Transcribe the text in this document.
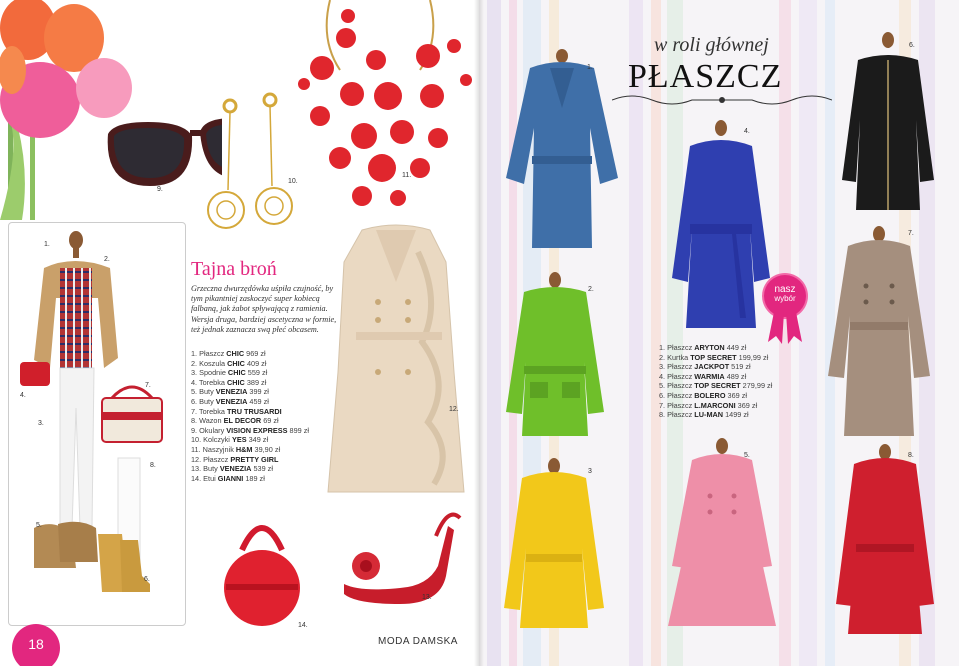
9.
10.
11.
1.
2.
4.
3.
7.
8.
5.
6.
Tajna broń
Grzeczna dwurzędówka uśpiła czujność, by tym pikantniej zaskoczyć super kobiecą falbaną, jak żabot spływającą z ramienia. Wersja druga, bardziej ascetyczna w formie, też jednak zaznacza swą płeć obcasem.
1. Płaszcz CHIC 969 zł
2. Koszula CHIC 409 zł
3. Spodnie CHIC 559 zł
4. Torebka CHIC 389 zł
5. Buty VENEZIA 399 zł
6. Buty VENEZIA 459 zł
7. Torebka TRU TRUSARDI
8. Wazon EL DECOR 69 zł
9. Okulary VISION EXPRESS 899 zł
10. Kolczyki YES 349 zł
11. Naszyjnik H&M 39,90 zł
12. Płaszcz PRETTY GIRL
13. Buty VENEZIA 539 zł
14. Etui GIANNI 189 zł
12.
14.
13.
18	MODA DAMSKA
w roli głównej
PŁASZCZ
1.
4.
6.
2.	nasz
wybór
!
1. Płaszcz ARYTON 449 zł
2. Kurtka TOP SECRET 199,99 zł
3. Płaszcz JACKPOT 519 zł
4. Płaszcz WARMIA 489 zł
5. Płaszcz TOP SECRET 279,99 zł
6. Płaszcz BOLERO 369 zł
7. Płaszcz L.MARCONI 369 zł
8. Płaszcz LU-MAN 1499 zł
7.
3
5.	8.
